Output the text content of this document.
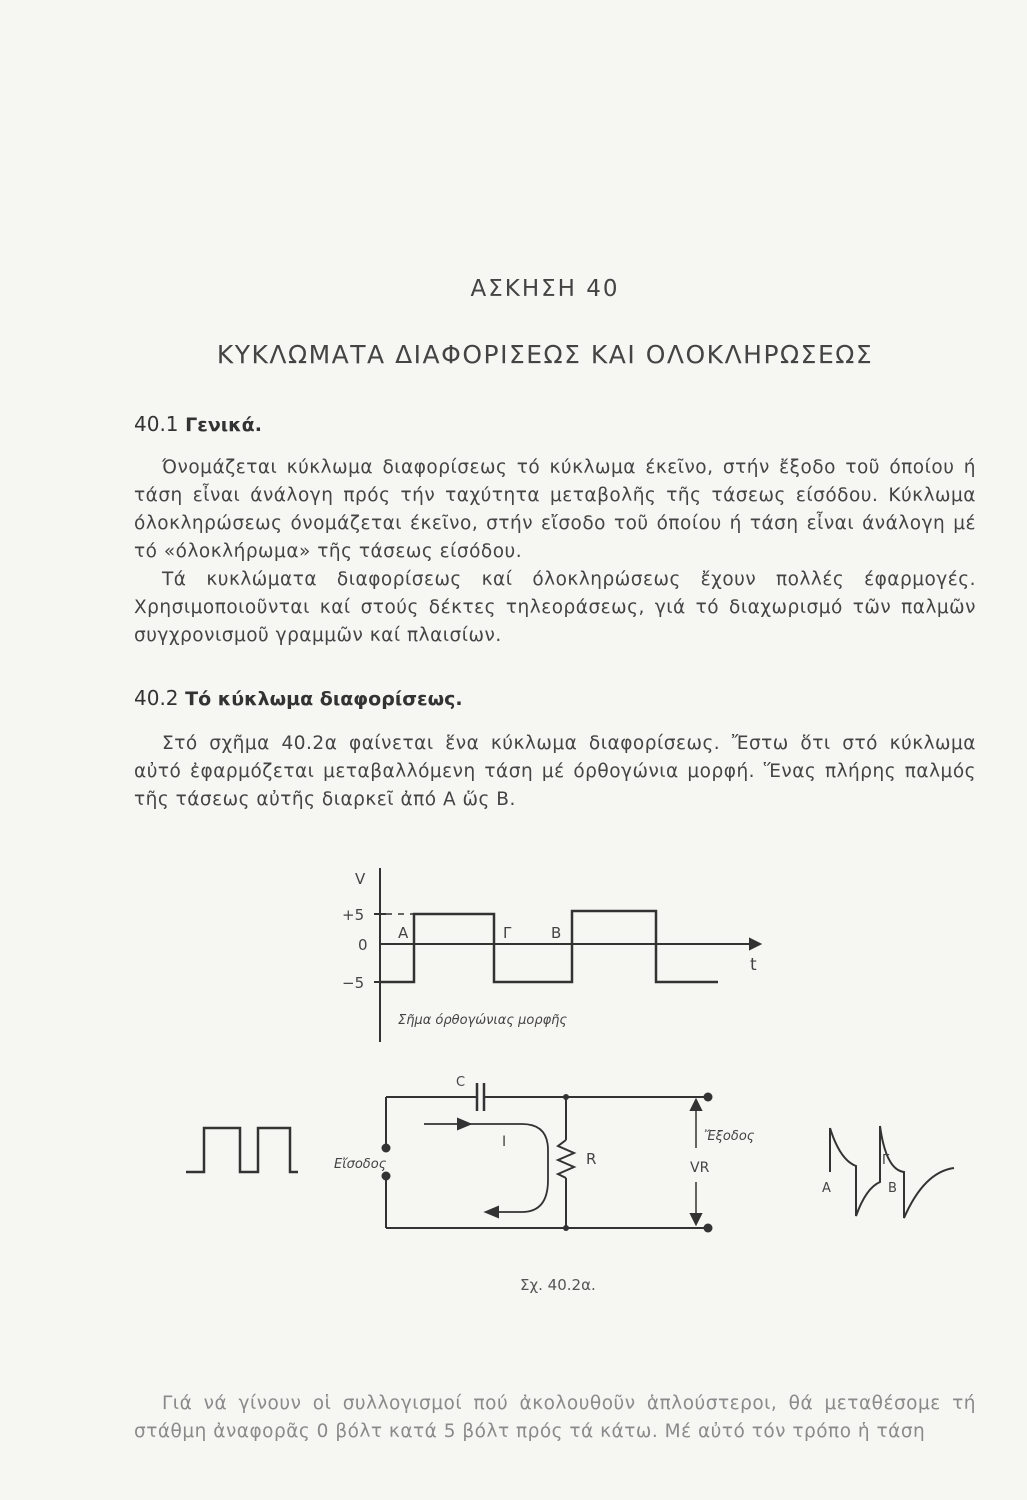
ΑΣΚΗΣΗ 40
ΚΥΚΛΩΜΑΤΑ ΔΙΑΦΟΡΙΣΕΩΣ ΚΑΙ ΟΛΟΚΛΗΡΩΣΕΩΣ
40.1 Γενικά.
Όνομάζεται κύκλωμα διαφορίσεως τό κύκλωμα έκεῖνο, στήν ἔξοδο τοῦ όποίου ή τάση εἶναι άνάλογη πρός τήν ταχύτητα μεταβολῆς τῆς τάσεως είσόδου. Κύκλωμα όλοκληρώσεως όνομάζεται έκεῖνο, στήν εἴσοδο τοῦ όποίου ή τάση εἶναι άνάλογη μέ τό «όλοκλήρωμα» τῆς τάσεως είσόδου.
Τά κυκλώματα διαφορίσεως καί όλοκληρώσεως ἔχουν πολλές έφαρμογές. Χρησιμοποιοῦνται καί στούς δέκτες τηλεοράσεως, γιά τό διαχωρισμό τῶν παλμῶν συγχρονισμοῦ γραμμῶν καί πλαισίων.
40.2 Τό κύκλωμα διαφορίσεως.
Στό σχῆμα 40.2α φαίνεται ἕνα κύκλωμα διαφορίσεως. Ἔστω ὅτι στό κύκλωμα αὐτό ἐφαρμόζεται μεταβαλλόμενη τάση μέ όρθογώνια μορφή. Ἕνας πλήρης παλμός τῆς τάσεως αὐτῆς διαρκεῖ ἀπό Α ὥς Β.
V
t
+5
0
−5
Α	Γ	Β
Σῆμα όρθογώνιας μορφῆς
C
I
R
Εἴσοδος
Ἔξοδος
VR
Α
Γ
Β
Σχ. 40.2α.
Γιά νά γίνουν οἱ συλλογισμοί πού ἀκολουθοῦν ἁπλούστεροι, θά μεταθέσομε τή στάθμη ἀναφορᾶς 0 βόλτ κατά 5 βόλτ πρός τά κάτω. Μέ αὐτό τόν τρόπο ἡ τάση
